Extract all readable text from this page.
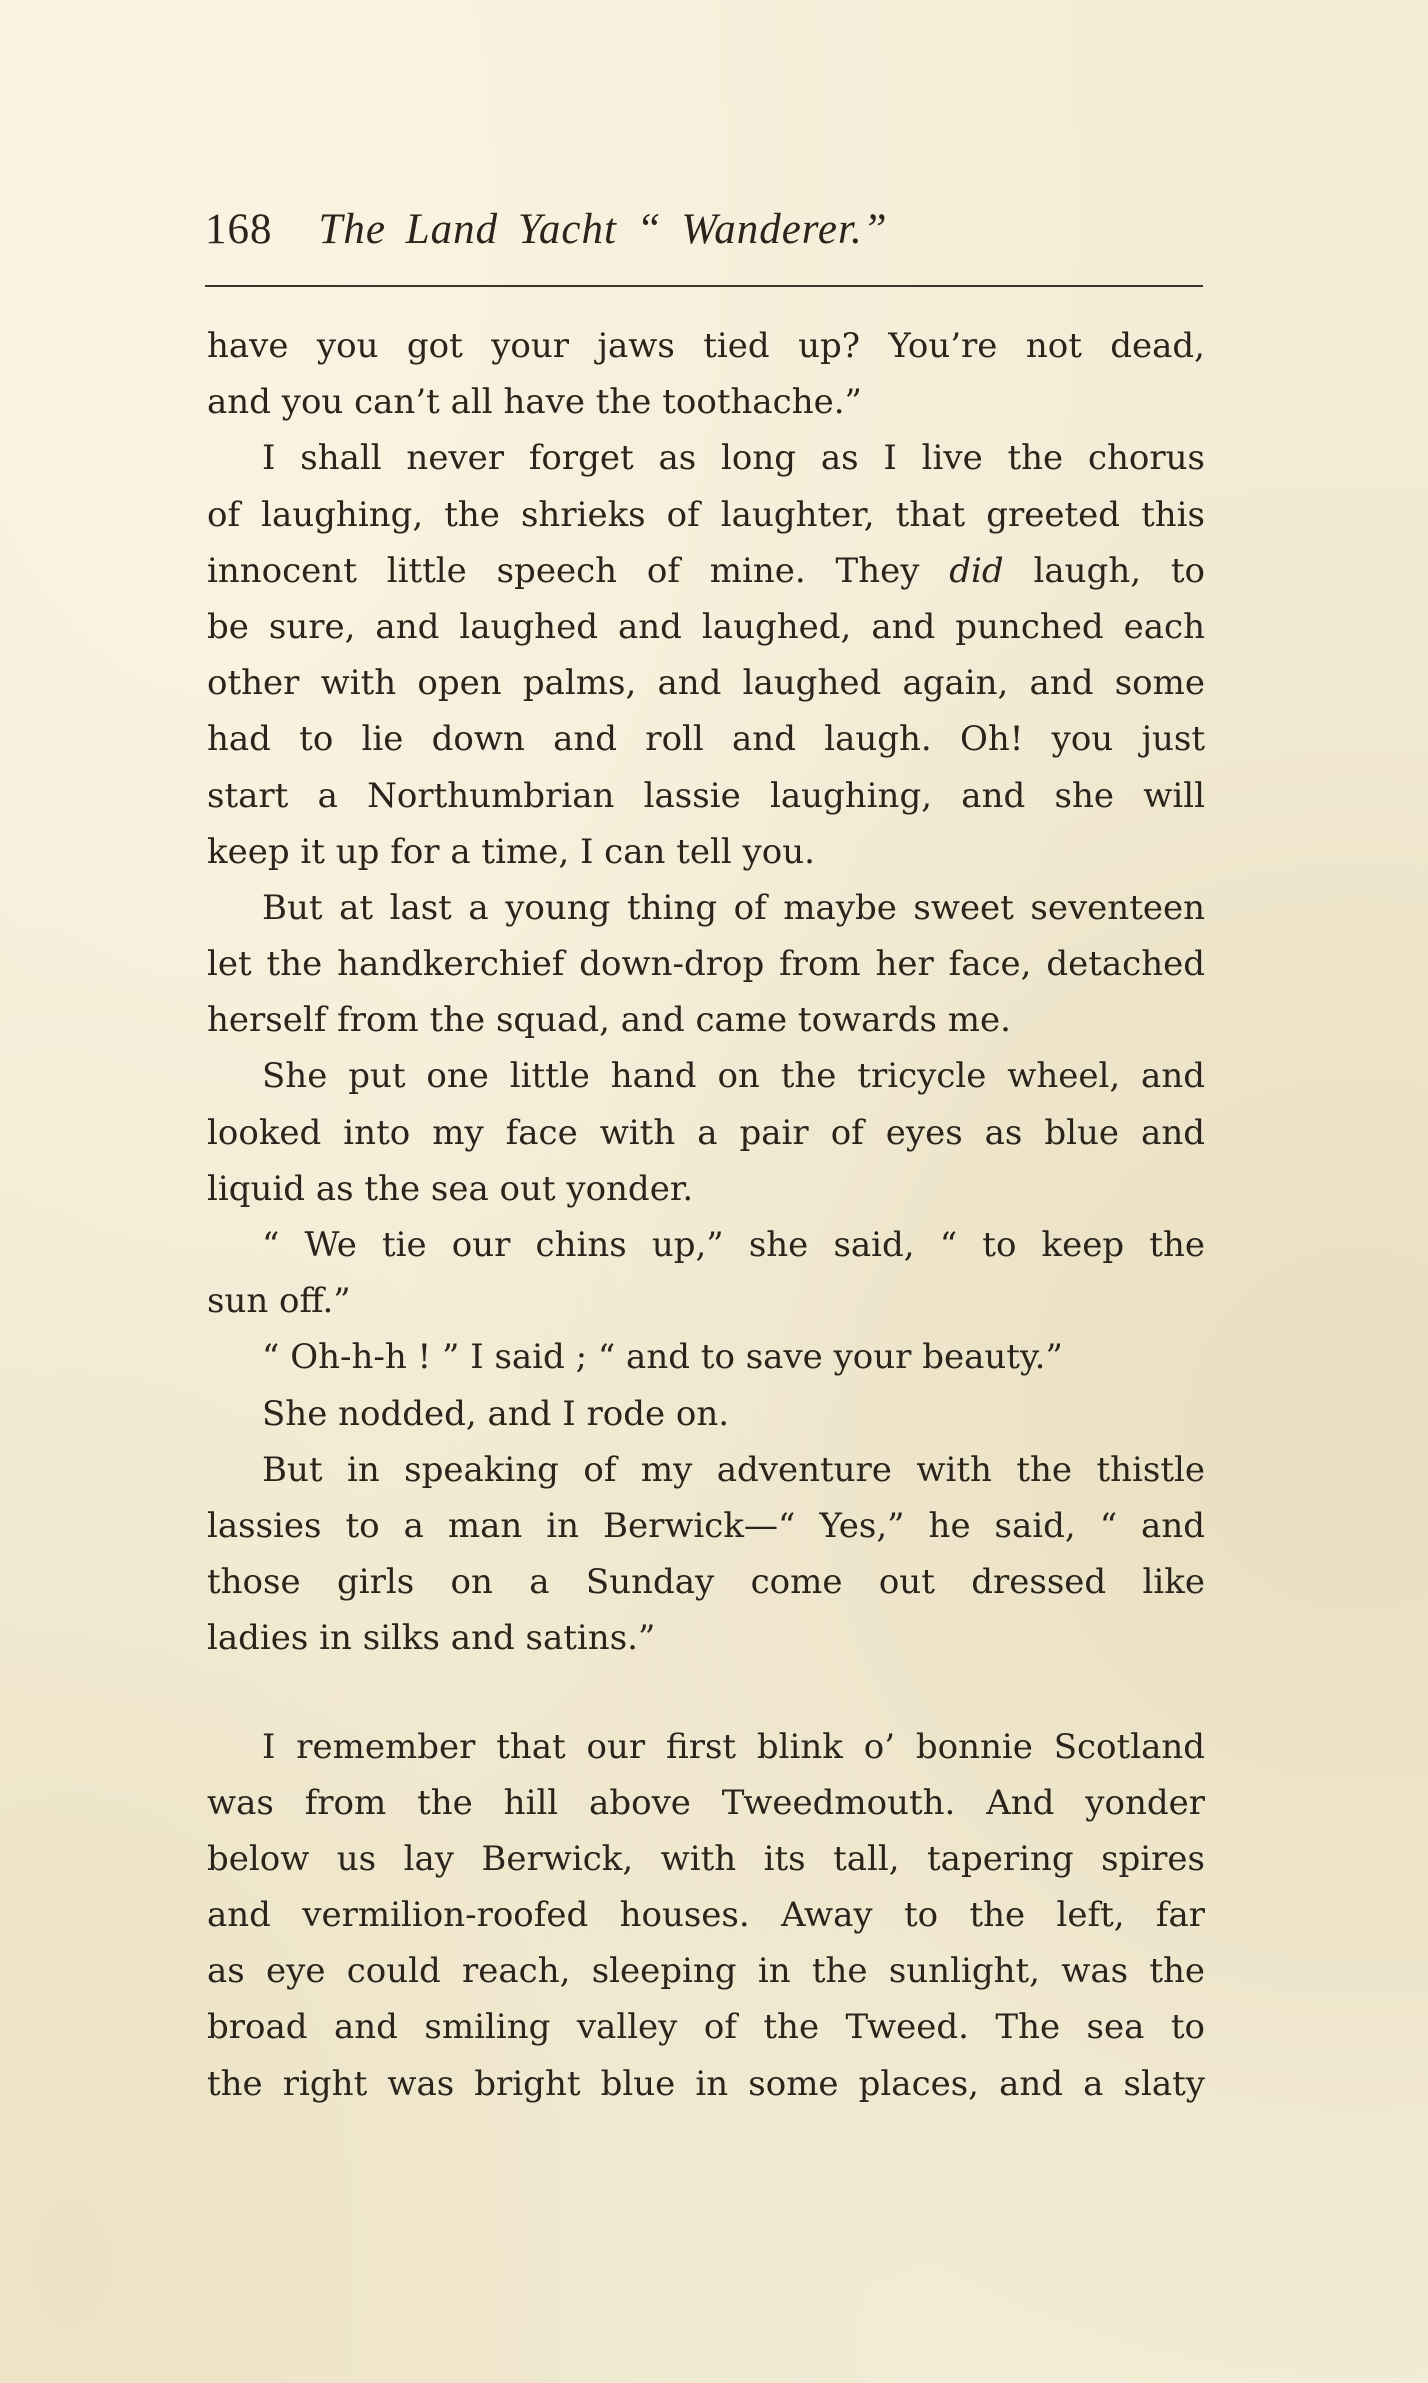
168 The Land Yacht “ Wanderer.”
have you got your jaws tied up? You’re not dead,
and you can’t all have the toothache.”
I shall never forget as long as I live the chorus
of laughing, the shrieks of laughter, that greeted this
innocent little speech of mine. They did laugh, to
be sure, and laughed and laughed, and punched each
other with open palms, and laughed again, and some
had to lie down and roll and laugh. Oh! you just
start a Northumbrian lassie laughing, and she will
keep it up for a time, I can tell you.
But at last a young thing of maybe sweet seventeen
let the handkerchief down-drop from her face, detached
herself from the squad, and came towards me.
She put one little hand on the tricycle wheel, and
looked into my face with a pair of eyes as blue and
liquid as the sea out yonder.
“ We tie our chins up,” she said, “ to keep the
sun off.”
“ Oh-h-h ! ” I said ; “ and to save your beauty.”
She nodded, and I rode on.
But in speaking of my adventure with the thistle
lassies to a man in Berwick—“ Yes,” he said, “ and
those girls on a Sunday come out dressed like
ladies in silks and satins.”
I remember that our first blink o’ bonnie Scotland
was from the hill above Tweedmouth. And yonder
below us lay Berwick, with its tall, tapering spires
and vermilion-roofed houses. Away to the left, far
as eye could reach, sleeping in the sunlight, was the
broad and smiling valley of the Tweed. The sea to
the right was bright blue in some places, and a slaty
